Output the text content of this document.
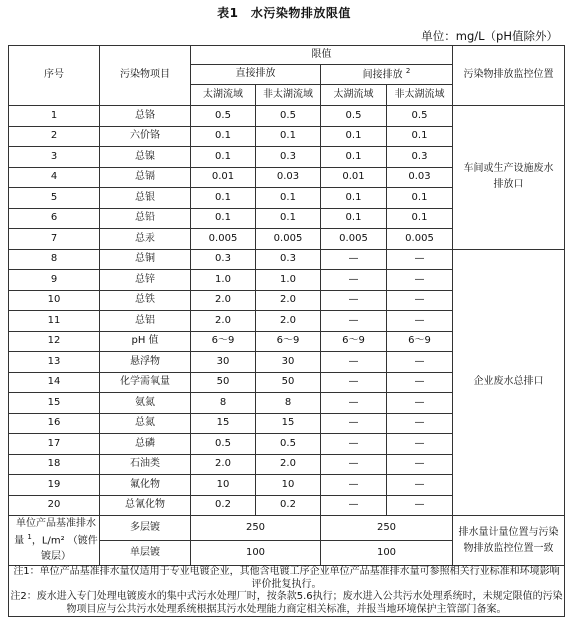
表1　水污染物排放限值
单位：mg/L（pH值除外）
序号	污染物项目	限值				污染物排放监控位置
		直接排放		间接排放 $^2$
		太湖流域	非太湖流域	太湖流域	非太湖流域	
1	总铬	0.5	0.5	0.5	0.5	车间或生产设施废水排放口
2	六价铬	0.1	0.1	0.1	0.1	
3	总镍	0.1	0.3	0.1	0.3	
4	总镉	0.01	0.03	0.01	0.03	
5	总银	0.1	0.1	0.1	0.1	
6	总铅	0.1	0.1	0.1	0.1	
7	总汞	0.005	0.005	0.005	0.005	
8	总铜	0.3	0.3	—	—	企业废水总排口
9	总锌	1.0	1.0	—	—	
10	总铁	2.0	2.0	—	—	
11	总铝	2.0	2.0	—	—	
12	pH 值	6～9	6～9	6～9	6～9	
13	悬浮物	30	30	—	—	
14	化学需氧量	50	50	—	—	
15	氨氮	8	8	—	—	
16	总氮	15	15	—	—	
17	总磷	0.5	0.5	—	—	
18	石油类	2.0	2.0	—	—	
19	氟化物	10	10	—	—	
20	总氰化物	0.2	0.2	—	—	
单位产品基准排水量 $^1$，L/m² （镀件镀层）	多层镀	250		250		排水量计量位置与污染物排放监控位置一致
	单层镀	100		100		

注1：单位产品基准排水量仅适用于专业电镀企业，其他含电镀工序企业单位产品基准排水量可参照相关行业标准和环境影响评价批复执行。
注2：废水进入专门处理电镀废水的集中式污水处理厂时，按条款5.6执行；废水进入公共污水处理系统时，未规定限值的污染物项目应与公共污水处理系统根据其污水处理能力商定相关标准，并报当地环境保护主管部门备案。						
